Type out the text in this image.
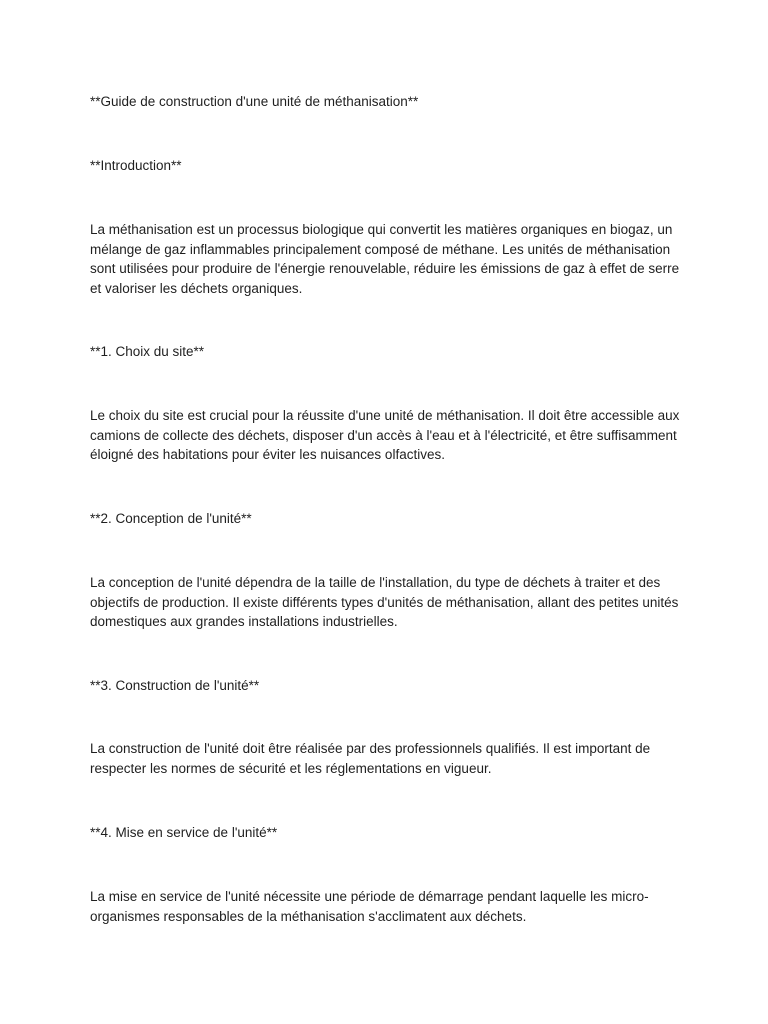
**Guide de construction d'une unité de méthanisation**

**Introduction**

La méthanisation est un processus biologique qui convertit les matières organiques en biogaz, un mélange de gaz inflammables principalement composé de méthane. Les unités de méthanisation sont utilisées pour produire de l'énergie renouvelable, réduire les émissions de gaz à effet de serre et valoriser les déchets organiques.

**1. Choix du site**

Le choix du site est crucial pour la réussite d'une unité de méthanisation. Il doit être accessible aux camions de collecte des déchets, disposer d'un accès à l'eau et à l'électricité, et être suffisamment éloigné des habitations pour éviter les nuisances olfactives.

**2. Conception de l'unité**

La conception de l'unité dépendra de la taille de l'installation, du type de déchets à traiter et des objectifs de production. Il existe différents types d'unités de méthanisation, allant des petites unités domestiques aux grandes installations industrielles.

**3. Construction de l'unité**

La construction de l'unité doit être réalisée par des professionnels qualifiés. Il est important de respecter les normes de sécurité et les réglementations en vigueur.

**4. Mise en service de l'unité**

La mise en service de l'unité nécessite une période de démarrage pendant laquelle les micro-organismes responsables de la méthanisation s'acclimatent aux déchets.
